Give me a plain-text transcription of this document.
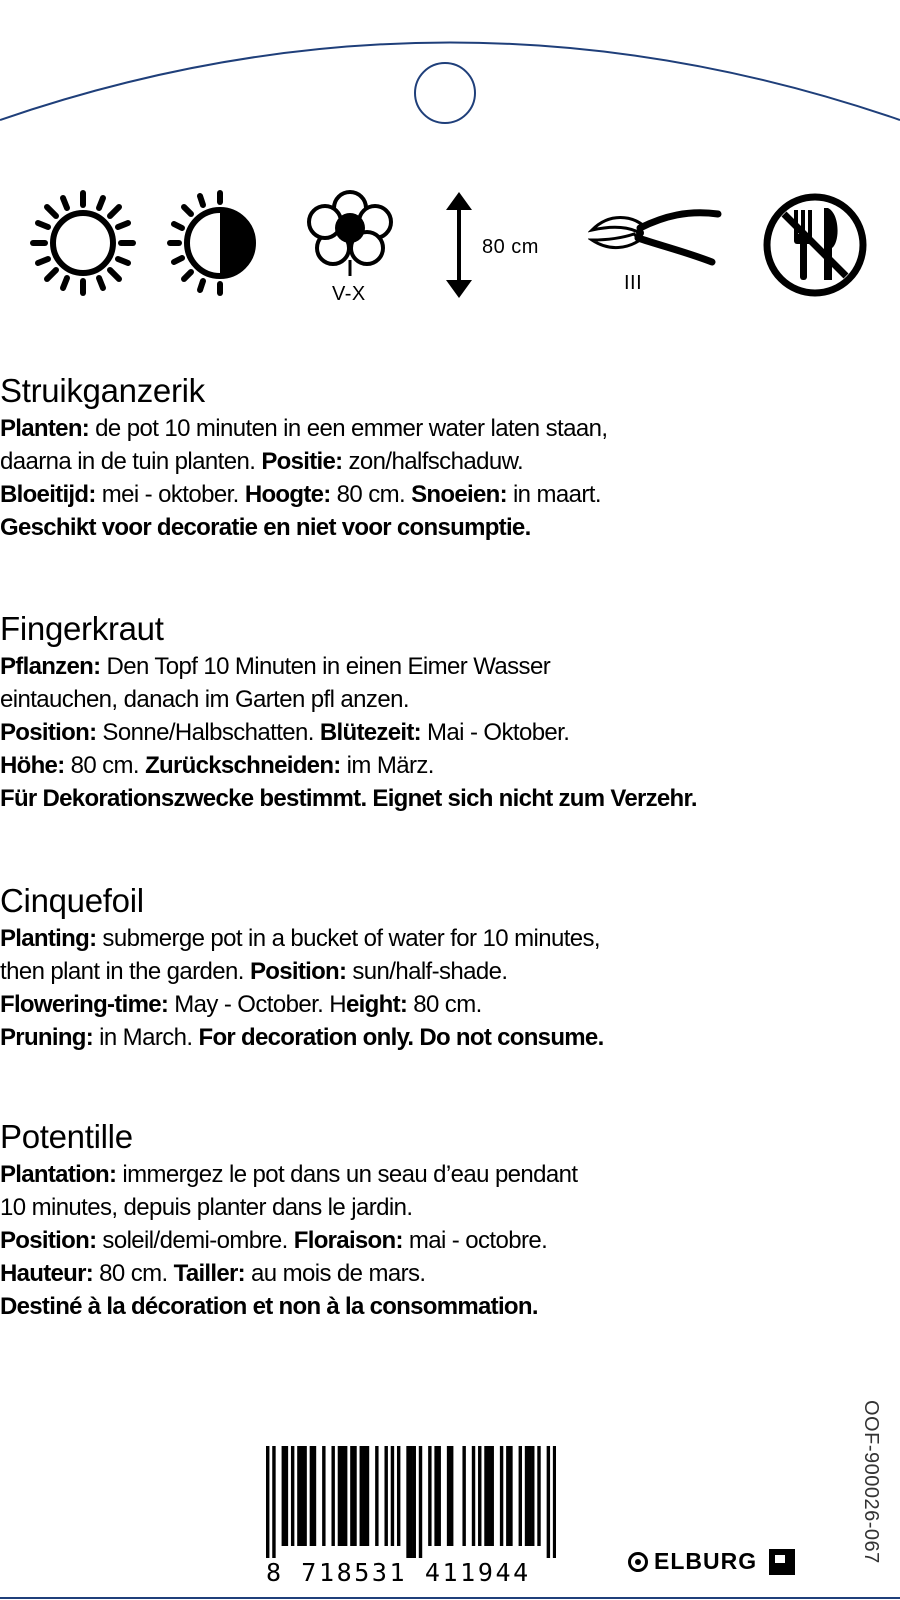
V-X
80 cm
III
Struikganzerik

Planten: de pot 10 minuten in een emmer water laten staan,

daarna in de tuin planten. Positie: zon/halfschaduw.

Bloeitijd: mei - oktober. Hoogte: 80 cm. Snoeien: in maart.

Geschikt voor decoratie en niet voor consumptie.

Fingerkraut

Pflanzen: Den Topf 10 Minuten in einen Eimer Wasser

eintauchen, danach im Garten pfl anzen.

Position: Sonne/Halbschatten. Blütezeit: Mai - Oktober.

Höhe: 80 cm. Zurückschneiden: im März.

Für Dekorationszwecke bestimmt. Eignet sich nicht zum Verzehr.

Cinquefoil

Planting: submerge pot in a bucket of water for 10 minutes,

then plant in the garden. Position: sun/half-shade.

Flowering-time: May - October. Height: 80 cm.

Pruning: in March. For decoration only. Do not consume.

Potentille

Plantation: immergez le pot dans un seau d’eau pendant

10 minutes, depuis planter dans le jardin.

Position: soleil/demi-ombre. Floraison: mai - octobre.

Hauteur: 80 cm. Tailler: au mois de mars.

Destiné à la décoration et non à la consommation.

8 718531 411944	ELBURG	OOF-900026-067
